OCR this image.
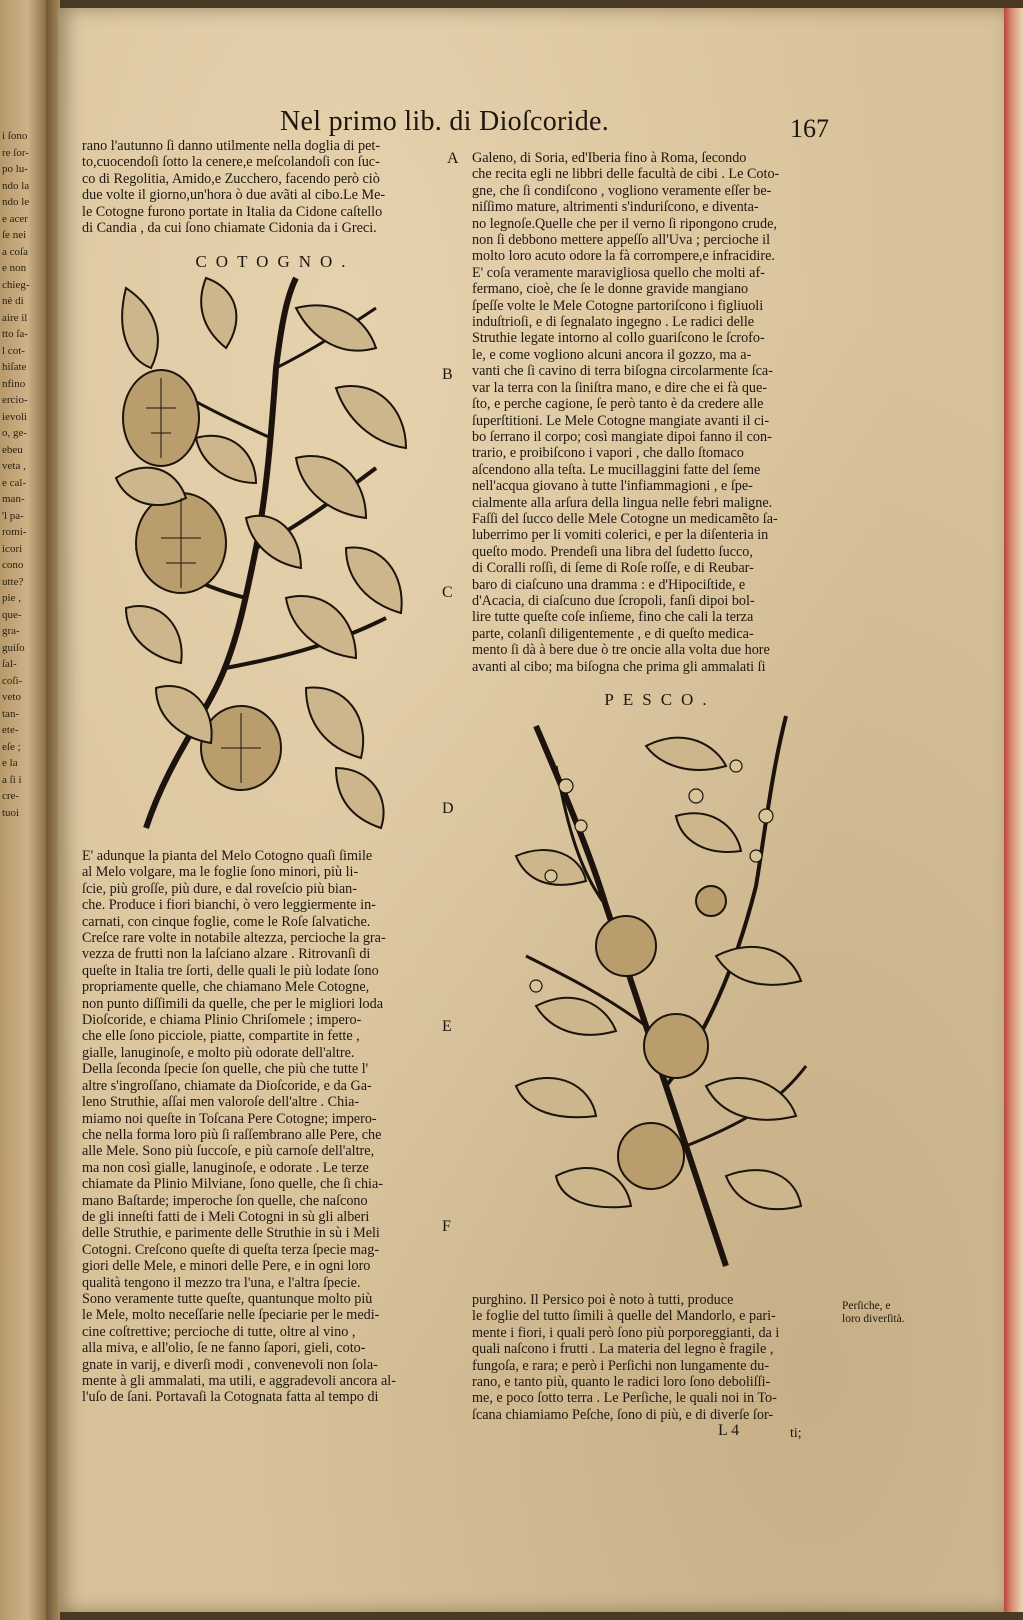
i ſono
re ſor-
po lu-
ndo la
ndo le
e acer
ſe nei
a coſa
e non
chieg-
nè di
aire il
tto ſa-
l cot-
hiſate
nfino
ercio-
ievoli
o, ge-
ebeu
veta ,
e cal-
man-
'l pa-
romi-
icori
cono
utte?
pie ,
que-
gra-
guiſo
ſal-
coſi-
veto
tan-
ete-
eſe ;
e la
a ſi i
cre-
tuoi
Nel primo lib. di Dioſcoride.	167
rano l'autunno ſi danno utilmente nella doglia di pet-
to,cuocendoſi ſotto la cenere,e meſcolandoſi con ſuc-
co di Regolitia, Amido,e Zucchero, facendo però ciò
due volte il giorno,un'hora ò due avãti al cibo.Le Me-
le Cotogne furono portate in Italia da Cidone caſtello
di Candia , da cui ſono chiamate Cidonia da i Greci.
COTOGNO.
E' adunque la pianta del Melo Cotogno quaſi ſimile
al Melo volgare, ma le foglie ſono minori, più li-
ſcie, più groſſe, più dure, e dal roveſcio più bian-
che. Produce i fiori bianchi, ò vero leggiermente in-
carnati, con cinque foglie, come le Roſe ſalvatiche.
Creſce rare volte in notabile altezza, percioche la gra-
vezza de frutti non la laſciano alzare . Ritrovanſi di
queſte in Italia tre ſorti, delle quali le più lodate ſono
propriamente quelle, che chiamano Mele Cotogne,
non punto diſſimili da quelle, che per le migliori loda
Dioſcoride, e chiama Plinio Chriſomele ; impero-
che elle ſono picciole, piatte, compartite in fette ,
gialle, lanuginoſe, e molto più odorate dell'altre.
Della ſeconda ſpecie ſon quelle, che più che tutte l'
altre s'ingroſſano, chiamate da Dioſcoride, e da Ga-
leno Struthie, aſſai men valoroſe dell'altre . Chia-
miamo noi queſte in Toſcana Pere Cotogne; impero-
che nella forma loro più ſi raſſembrano alle Pere, che
alle Mele. Sono più ſuccoſe, e più carnoſe dell'altre,
ma non così gialle, lanuginoſe, e odorate . Le terze
chiamate da Plinio Milviane, ſono quelle, che ſi chia-
mano Baſtarde; imperoche ſon quelle, che naſcono
de gli inneſti fatti de i Meli Cotogni in sù gli alberi
delle Struthie, e parimente delle Struthie in sù i Meli
Cotogni. Creſcono queſte di queſta terza ſpecie mag-
giori delle Mele, e minori delle Pere, e in ogni loro
qualità tengono il mezzo tra l'una, e l'altra ſpecie.
Sono veramente tutte queſte, quantunque molto più
le Mele, molto neceſſarie nelle ſpeciarie per le medi-
cine coſtrettive; percioche di tutte, oltre al vino ,
alla miva, e all'olio, ſe ne fanno ſapori, gieli, coto-
gnate in varij, e diverſi modi , convenevoli non ſola-
mente à gli ammalati, ma utili, e aggradevoli ancora al-
l'uſo de ſani. Portavaſi la Cotognata fatta al tempo di
A
B
C
D
E
F
Galeno, di Soria, ed'Iberia fino à Roma, ſecondo
che recita egli ne libbri delle facultà de cibi . Le Coto-
gne, che ſi condiſcono , vogliono veramente eſſer be-
niſſimo mature, altrimenti s'induriſcono, e diventa-
no legnoſe.Quelle che per il verno ſi ripongono crude,
non ſi debbono mettere appeſſo all'Uva ; percioche il
molto loro acuto odore la fà corrompere,e infracidire.
E' coſa veramente maravigliosa quello che molti af-
fermano, cioè, che ſe le donne gravide mangiano
ſpeſſe volte le Mele Cotogne partoriſcono i figliuoli
induſtrioſi, e di ſegnalato ingegno . Le radici delle
Struthie legate intorno al collo guariſcono le ſcrofo-
le, e come vogliono alcuni ancora il gozzo, ma a-
vanti che ſi cavino di terra biſogna circolarmente ſca-
var la terra con la ſiniſtra mano, e dire che ei fà que-
ſto, e perche cagione, ſe però tanto è da credere alle
ſuperſtitioni. Le Mele Cotogne mangiate avanti il ci-
bo ſerrano il corpo; così mangiate dipoi fanno il con-
trario, e proibiſcono i vapori , che dallo ſtomaco
aſcendono alla teſta. Le mucillaggini fatte del ſeme
nell'acqua giovano à tutte l'infiammagioni , e ſpe-
cialmente alla arſura della lingua nelle febri maligne.
Faſſi del ſucco delle Mele Cotogne un medicamẽto ſa-
luberrimo per li vomiti colerici, e per la diſenteria in
queſto modo. Prendeſi una libra del ſudetto ſucco,
di Coralli roſſi, di ſeme di Roſe roſſe, e di Reubar-
baro di ciaſcuno una dramma : e d'Hipociſtide, e
d'Acacia, di ciaſcuno due ſcropoli, fanſi dipoi bol-
lire tutte queſte coſe inſieme, fino che cali la terza
parte, colanſi diligentemente , e di queſto medica-
mento ſi dà à bere due ò tre oncie alla volta due hore
avanti al cibo; ma biſogna che prima gli ammalati ſi
PESCO.
purghino. Il Persico poi è noto à tutti, produce
le foglie del tutto ſimili à quelle del Mandorlo, e pari-
mente i fiori, i quali però ſono più porporeggianti, da i
quali naſcono i frutti . La materia del legno è fragile ,
fungoſa, e rara; e però i Perſichi non lungamente du-
rano, e tanto più, quanto le radici loro ſono deboliſſi-
me, e poco ſotto terra . Le Perſiche, le quali noi in To-
ſcana chiamiamo Peſche, ſono di più, e di diverſe ſor-
Perſiche, e loro diverſità.
L 4	ti;
